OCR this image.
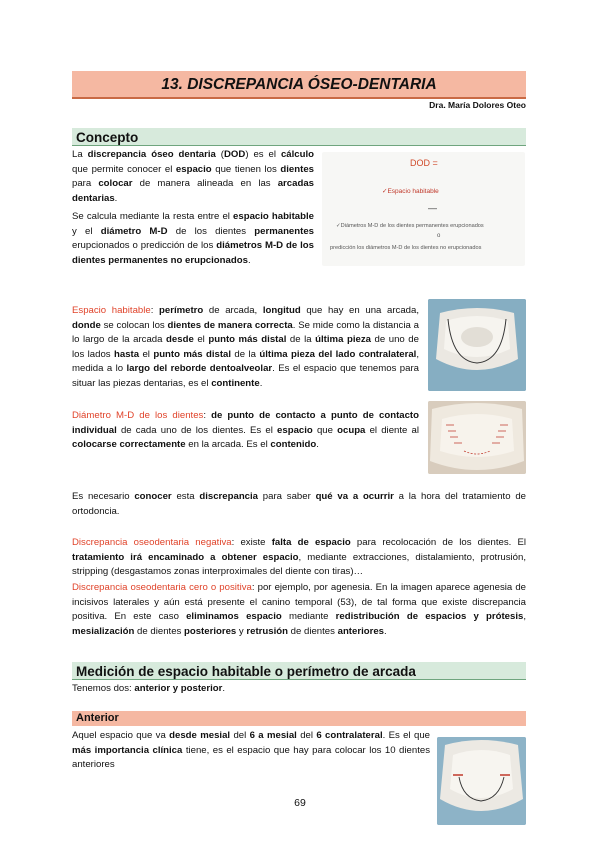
13. DISCREPANCIA ÓSEO-DENTARIA
Dra. María Dolores Oteo
Concepto
La discrepancia óseo dentaria (DOD) es el cálculo que permite conocer el espacio que tienen los dientes para colocar de manera alineada en las arcadas dentarias.
Se calcula mediante la resta entre el espacio habitable y el diámetro M-D de los dientes permanentes erupcionados o predicción de los diámetros M-D de los dientes permanentes no erupcionados.
DOD =
✓Espacio habitable
—
✓Diámetros M-D de los dientes permanentes erupcionados
o
predicción los diámetros M-D de los dientes no erupcionados
Espacio habitable: perímetro de arcada, longitud que hay en una arcada, donde se colocan los dientes de manera correcta. Se mide como la distancia a lo largo de la arcada desde el punto más distal de la última pieza de uno de los lados hasta el punto más distal de la última pieza del lado contralateral, medida a lo largo del reborde dentoalveolar. Es el espacio que tenemos para situar las piezas dentarias, es el continente.
Diámetro M-D de los dientes: de punto de contacto a punto de contacto individual de cada uno de los dientes. Es el espacio que ocupa el diente al colocarse correctamente en la arcada. Es el contenido.
Es necesario conocer esta discrepancia para saber qué va a ocurrir a la hora del tratamiento de ortodoncia.
Discrepancia oseodentaria negativa: existe falta de espacio para recolocación de los dientes. El tratamiento irá encaminado a obtener espacio, mediante extracciones, distalamiento, protrusión, stripping (desgastamos zonas interproximales del diente con tiras)…
Discrepancia oseodentaria cero o positiva: por ejemplo, por agenesia. En la imagen aparece agenesia de incisivos laterales y aún está presente el canino temporal (53), de tal forma que existe discrepancia positiva. En este caso eliminamos espacio mediante redistribución de espacios y prótesis, mesialización de dientes posteriores y retrusión de dientes anteriores.
Medición de espacio habitable o perímetro de arcada
Tenemos dos: anterior y posterior.
Anterior
Aquel espacio que va desde mesial del 6 a mesial del 6 contralateral. Es el que más importancia clínica tiene, es el espacio que hay para colocar los 10 dientes anteriores
69
